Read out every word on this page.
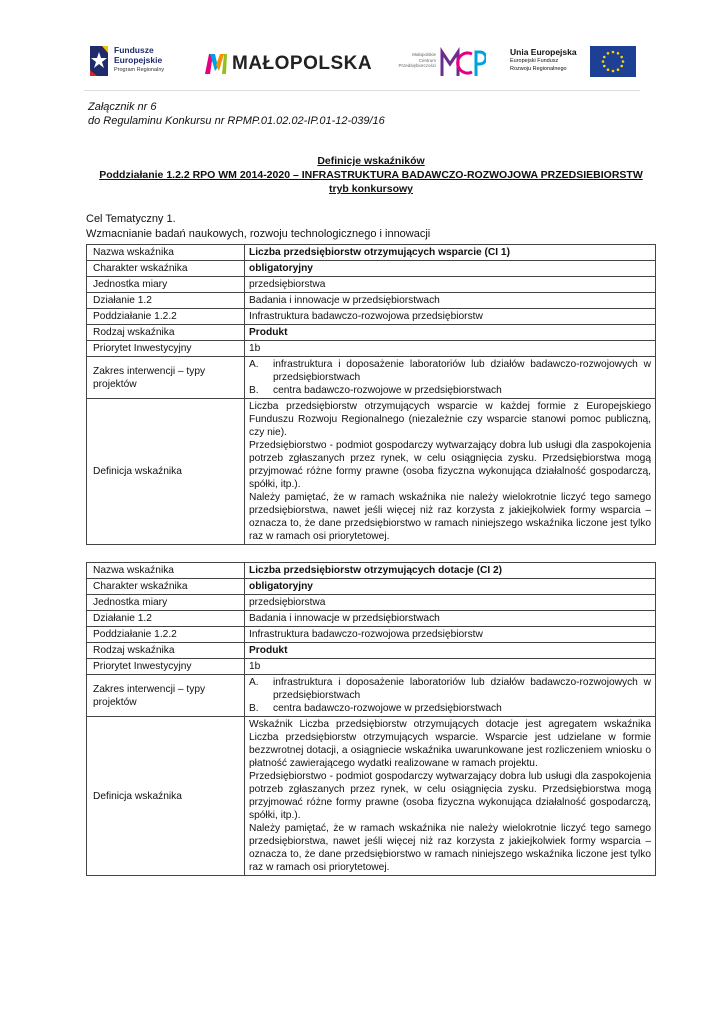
Fundusze
Europejskie
Program Regionalny	MAŁOPOLSKA	Małopolskie
Centrum
Przedsiębiorczości
Unia Europejska
Europejski Fundusz
Rozwoju Regionalnego
Załącznik nr 6
do Regulaminu Konkursu nr RPMP.01.02.02-IP.01-12-039/16
Definicje wskaźników
Poddziałanie 1.2.2 RPO WM 2014-2020 – INFRASTRUKTURA BADAWCZO-ROZWOJOWA PRZEDSIEBIORSTW
tryb konkursowy
Cel Tematyczny 1.
Wzmacnianie badań naukowych, rozwoju technologicznego i innowacji
Nazwa wskaźnika	Liczba przedsiębiorstw otrzymujących wsparcie (CI 1)
Charakter wskaźnika	obligatoryjny
Jednostka miary	przedsiębiorstwa
Działanie 1.2	Badania i innowacje w przedsiębiorstwach
Poddziałanie 1.2.2	Infrastruktura badawczo-rozwojowa przedsiębiorstw
Rodzaj wskaźnika	Produkt
Priorytet Inwestycyjny	1b
Zakres interwencji – typy projektów	A. infrastruktura i doposażenie laboratoriów lub działów badawczo-rozwojowych w przedsiębiorstwach
B. centra badawczo-rozwojowe w przedsiębiorstwach

Definicja wskaźnika	Liczba przedsiębiorstw otrzymujących wsparcie w każdej formie z Europejskiego Funduszu Rozwoju Regionalnego (niezależnie czy wsparcie stanowi pomoc publiczną, czy nie).
Przedsiębiorstwo - podmiot gospodarczy wytwarzający dobra lub usługi dla zaspokojenia potrzeb zgłaszanych przez rynek, w celu osiągnięcia zysku. Przedsiębiorstwa mogą przyjmować różne formy prawne (osoba fizyczna wykonująca działalność gospodarczą, spółki, itp.).
Należy pamiętać, że w ramach wskaźnika nie należy wielokrotnie liczyć tego samego przedsiębiorstwa, nawet jeśli więcej niż raz korzysta z jakiejkolwiek formy wsparcia – oznacza to, że dane przedsiębiorstwo w ramach niniejszego wskaźnika liczone jest tylko raz w ramach osi priorytetowej.
Nazwa wskaźnika	Liczba przedsiębiorstw otrzymujących dotacje (CI 2)
Charakter wskaźnika	obligatoryjny
Jednostka miary	przedsiębiorstwa
Działanie 1.2	Badania i innowacje w przedsiębiorstwach
Poddziałanie 1.2.2	Infrastruktura badawczo-rozwojowa przedsiębiorstw
Rodzaj wskaźnika	Produkt
Priorytet Inwestycyjny	1b
Zakres interwencji – typy projektów	A. infrastruktura i doposażenie laboratoriów lub działów badawczo-rozwojowych w przedsiębiorstwach
B. centra badawczo-rozwojowe w przedsiębiorstwach

Definicja wskaźnika	Wskaźnik Liczba przedsiębiorstw otrzymujących dotacje jest agregatem wskaźnika Liczba przedsiębiorstw otrzymujących wsparcie. Wsparcie jest udzielane w formie bezzwrotnej dotacji, a osiągniecie wskaźnika uwarunkowane jest rozliczeniem wniosku o płatność zawierającego wydatki realizowane w ramach projektu.
Przedsiębiorstwo - podmiot gospodarczy wytwarzający dobra lub usługi dla zaspokojenia potrzeb zgłaszanych przez rynek, w celu osiągnięcia zysku. Przedsiębiorstwa mogą przyjmować różne formy prawne (osoba fizyczna wykonująca działalność gospodarczą, spółki, itp.).
Należy pamiętać, że w ramach wskaźnika nie należy wielokrotnie liczyć tego samego przedsiębiorstwa, nawet jeśli więcej niż raz korzysta z jakiejkolwiek formy wsparcia – oznacza to, że dane przedsiębiorstwo w ramach niniejszego wskaźnika liczone jest tylko raz w ramach osi priorytetowej.
